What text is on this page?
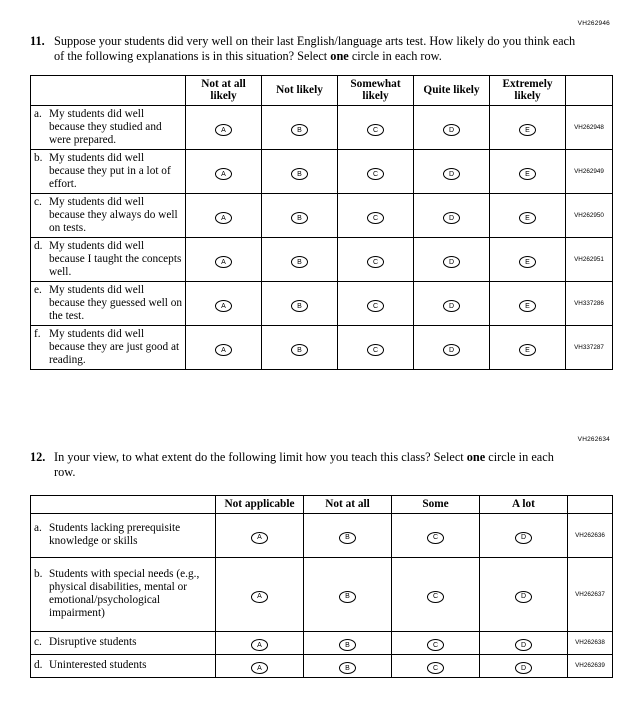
VH262946
11. Suppose your students did very well on their last English/language arts test. How likely do you think each of the following explanations is in this situation? Select one circle in each row.
	Not at all likely	Not likely	Somewhat likely	Quite likely	Extremely likely	

a. My students did well because they studied and were prepared.	A	B	C	D	E	VH262948

b. My students did well because they put in a lot of effort.	A	B	C	D	E	VH262949

c. My students did well because they always do well on tests.	A	B	C	D	E	VH262950

d. My students did well because I taught the concepts well.	A	B	C	D	E	VH262951

e. My students did well because they guessed well on the test.	A	B	C	D	E	VH337286

f. My students did well because they are just good at reading.	A	B	C	D	E	VH337287
VH262634
12. In your view, to what extent do the following limit how you teach this class? Select one circle in each row.
	Not applicable	Not at all	Some	A lot	

a. Students lacking prerequisite knowledge or skills	A	B	C	D	VH262636

b. Students with special needs (e.g., physical disabilities, mental or emotional/psychological impairment)	A	B	C	D	VH262637

c. Disruptive students	A	B	C	D	VH262638

d. Uninterested students	A	B	C	D	VH262639
